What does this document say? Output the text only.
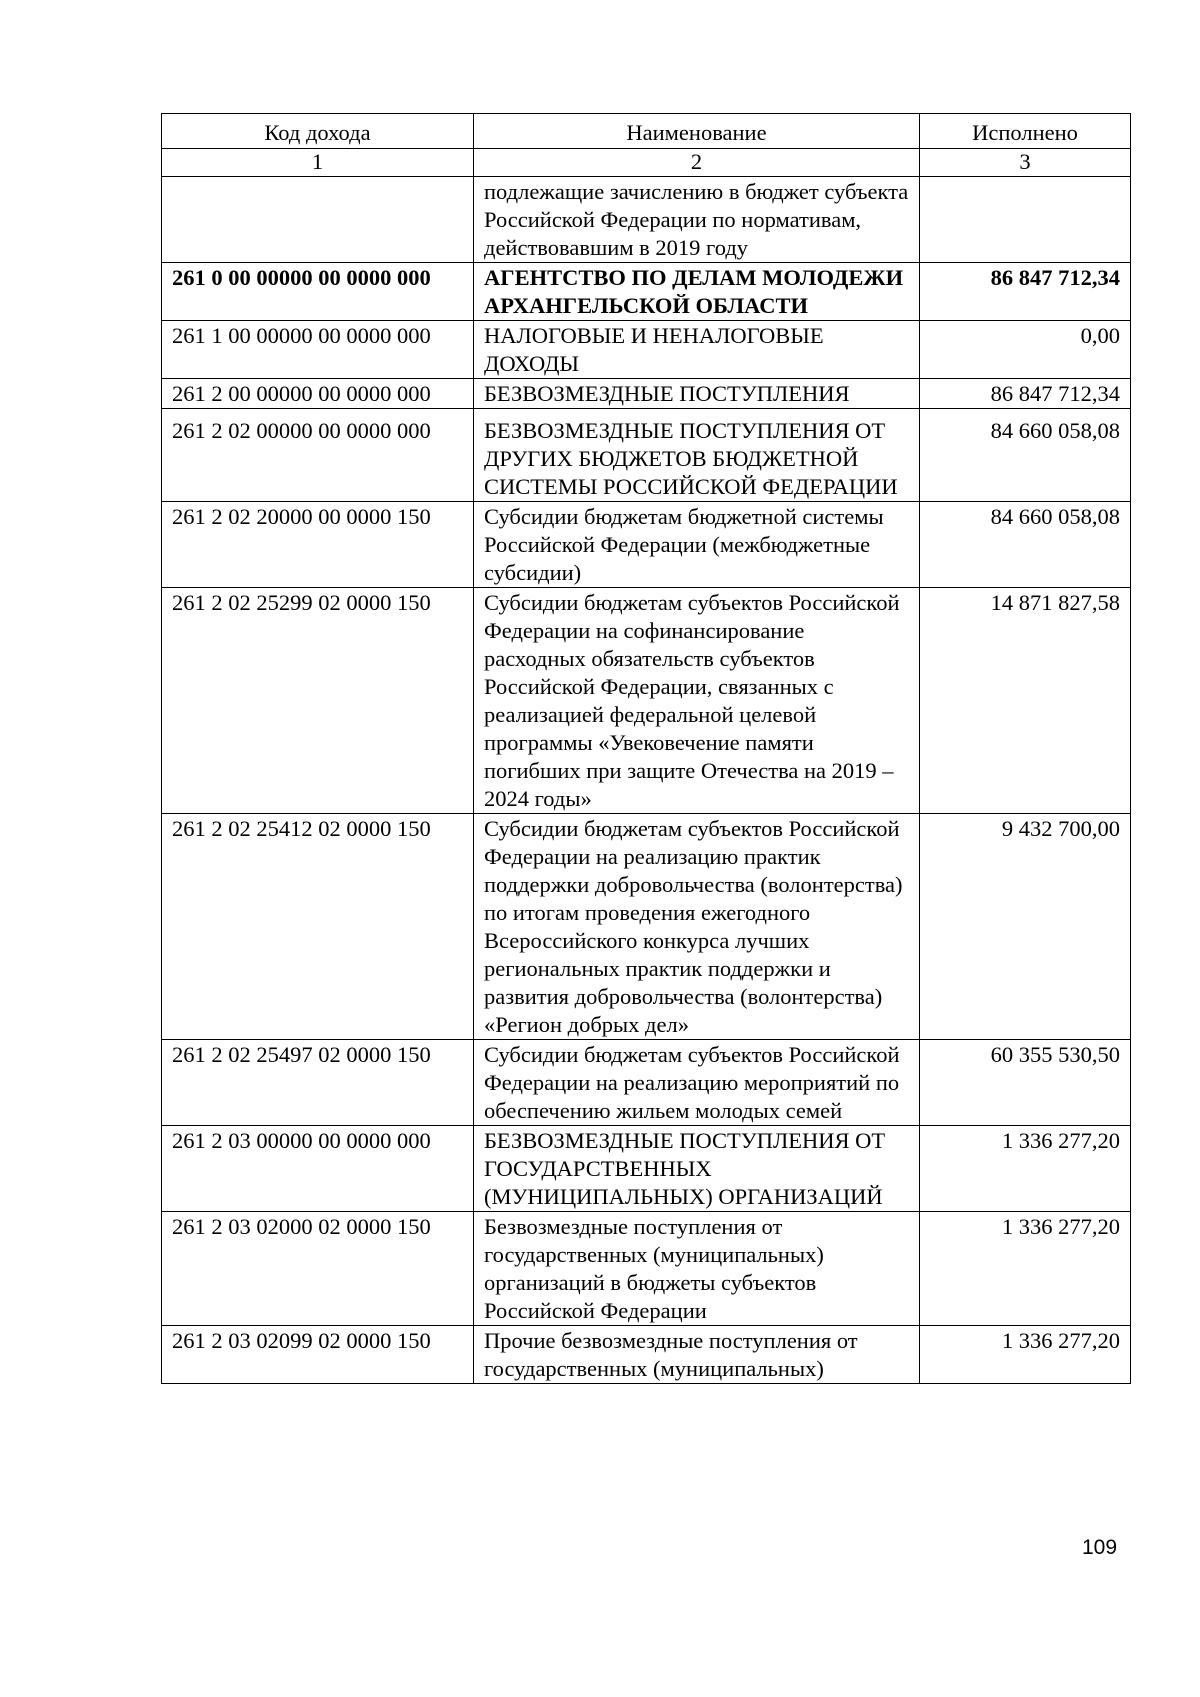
Код дохода	Наименование	Исполнено
1	2	3
	подлежащие зачислению в бюджет субъекта Российской Федерации по нормативам, действовавшим в 2019 году	
261 0 00 00000 00 0000 000	АГЕНТСТВО ПО ДЕЛАМ МОЛОДЕЖИ АРХАНГЕЛЬСКОЙ ОБЛАСТИ	86 847 712,34
261 1 00 00000 00 0000 000	НАЛОГОВЫЕ И НЕНАЛОГОВЫЕ ДОХОДЫ	0,00
261 2 00 00000 00 0000 000	БЕЗВОЗМЕЗДНЫЕ ПОСТУПЛЕНИЯ	86 847 712,34
261 2 02 00000 00 0000 000	БЕЗВОЗМЕЗДНЫЕ ПОСТУПЛЕНИЯ ОТ ДРУГИХ БЮДЖЕТОВ БЮДЖЕТНОЙ СИСТЕМЫ РОССИЙСКОЙ ФЕДЕРАЦИИ	84 660 058,08
261 2 02 20000 00 0000 150	Субсидии бюджетам бюджетной системы Российской Федерации (межбюджетные субсидии)	84 660 058,08
261 2 02 25299 02 0000 150	Субсидии бюджетам субъектов Российской Федерации на софинансирование расходных обязательств субъектов Российской Федерации, связанных с реализацией федеральной целевой программы «Увековечение памяти погибших при защите Отечества на 2019 – 2024 годы»	14 871 827,58
261 2 02 25412 02 0000 150	Субсидии бюджетам субъектов Российской Федерации на реализацию практик поддержки добровольчества (волонтерства) по итогам проведения ежегодного Всероссийского конкурса лучших региональных практик поддержки и развития добровольчества (волонтерства) «Регион добрых дел»	9 432 700,00
261 2 02 25497 02 0000 150	Субсидии бюджетам субъектов Российской Федерации на реализацию мероприятий по обеспечению жильем молодых семей	60 355 530,50
261 2 03 00000 00 0000 000	БЕЗВОЗМЕЗДНЫЕ ПОСТУПЛЕНИЯ ОТ ГОСУДАРСТВЕННЫХ (МУНИЦИПАЛЬНЫХ) ОРГАНИЗАЦИЙ	1 336 277,20
261 2 03 02000 02 0000 150	Безвозмездные поступления от государственных (муниципальных) организаций в бюджеты субъектов Российской Федерации	1 336 277,20
261 2 03 02099 02 0000 150	Прочие безвозмездные поступления от государственных (муниципальных)	1 336 277,20
109
